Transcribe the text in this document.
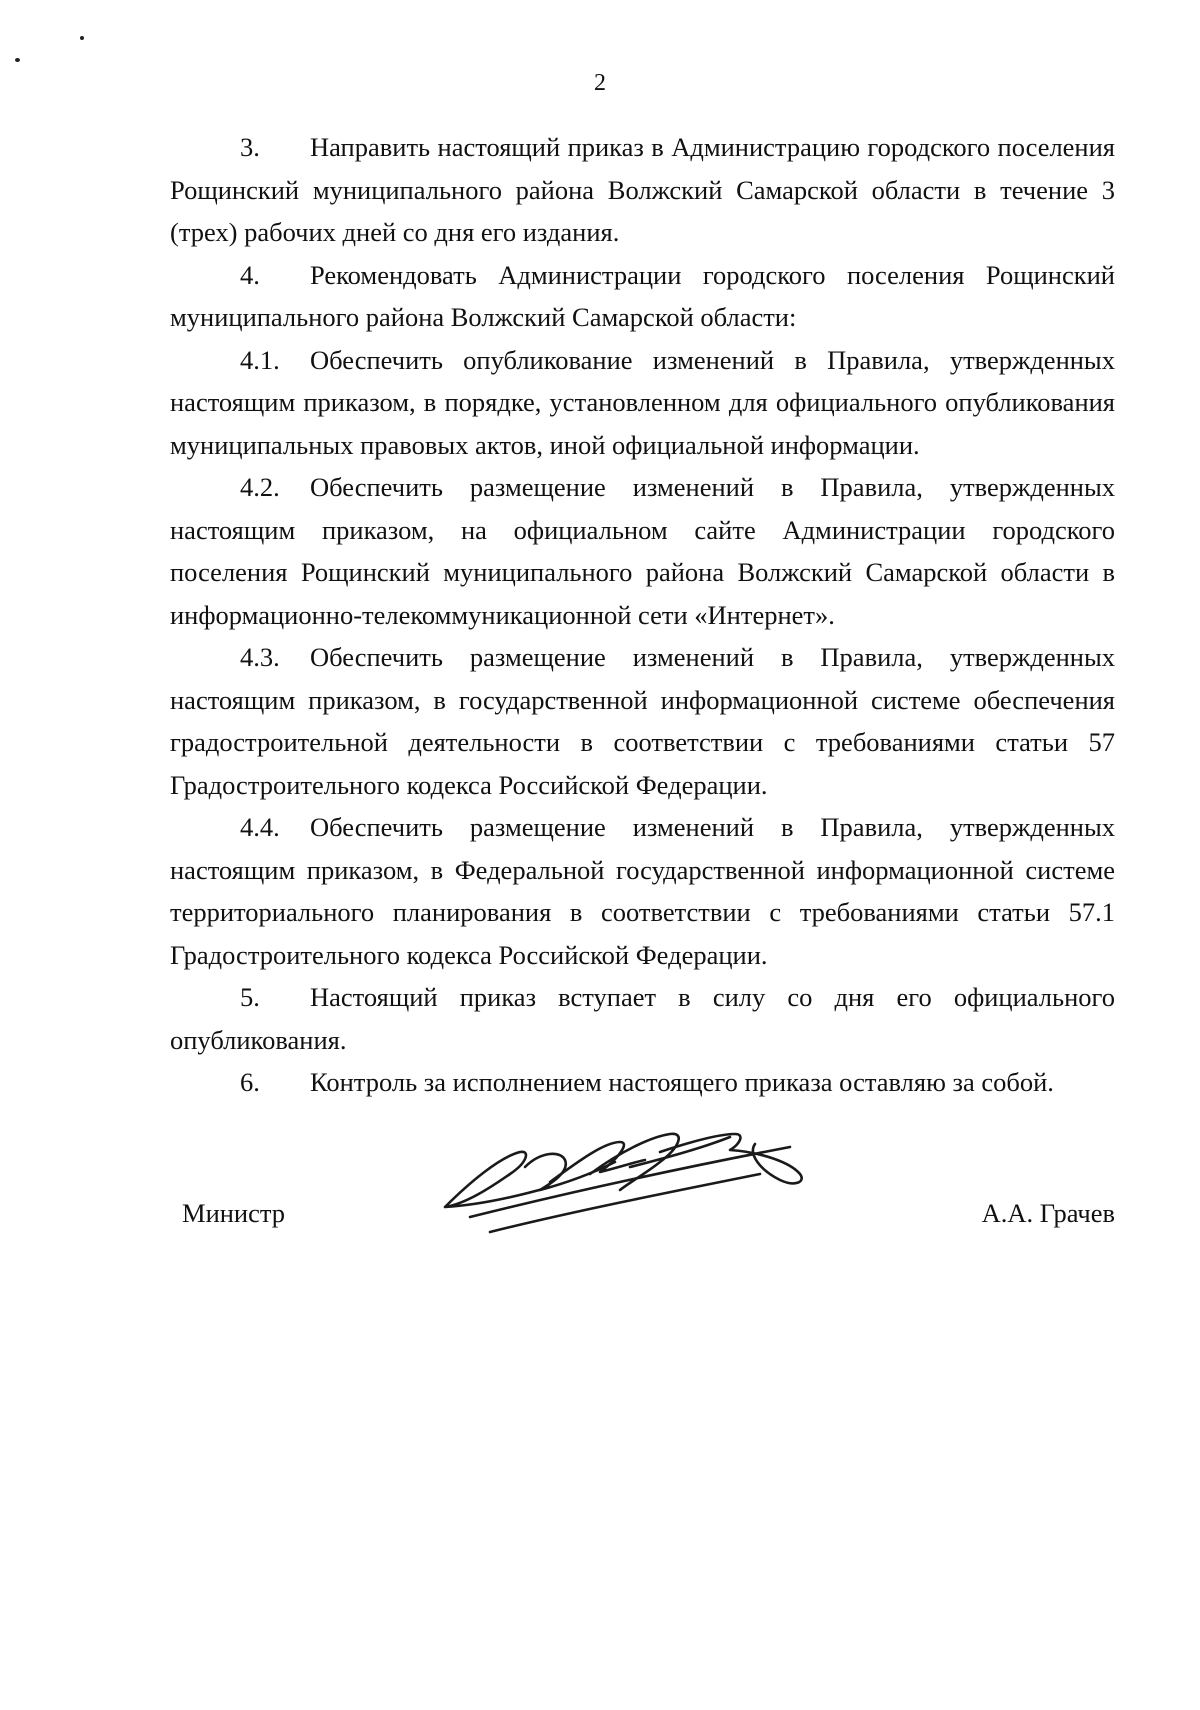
2

3. Направить настоящий приказ в Администрацию городского поселения Рощинский муниципального района Волжский Самарской области в течение 3 (трех) рабочих дней со дня его издания.

4. Рекомендовать Администрации городского поселения Рощинский муниципального района Волжский Самарской области:

4.1. Обеспечить опубликование изменений в Правила, утвержденных настоящим приказом, в порядке, установленном для официального опубликования муниципальных правовых актов, иной официальной информации.

4.2. Обеспечить размещение изменений в Правила, утвержденных настоящим приказом, на официальном сайте Администрации городского поселения Рощинский муниципального района Волжский Самарской области в информационно-телекоммуникационной сети «Интернет».

4.3. Обеспечить размещение изменений в Правила, утвержденных настоящим приказом, в государственной информационной системе обеспечения градостроительной деятельности в соответствии с требованиями статьи 57 Градостроительного кодекса Российской Федерации.

4.4. Обеспечить размещение изменений в Правила, утвержденных настоящим приказом, в Федеральной государственной информационной системе территориального планирования в соответствии с требованиями статьи 57.1 Градостроительного кодекса Российской Федерации.

5. Настоящий приказ вступает в силу со дня его официального опубликования.

6. Контроль за исполнением настоящего приказа оставляю за собой.

Министр	А.А. Грачев
